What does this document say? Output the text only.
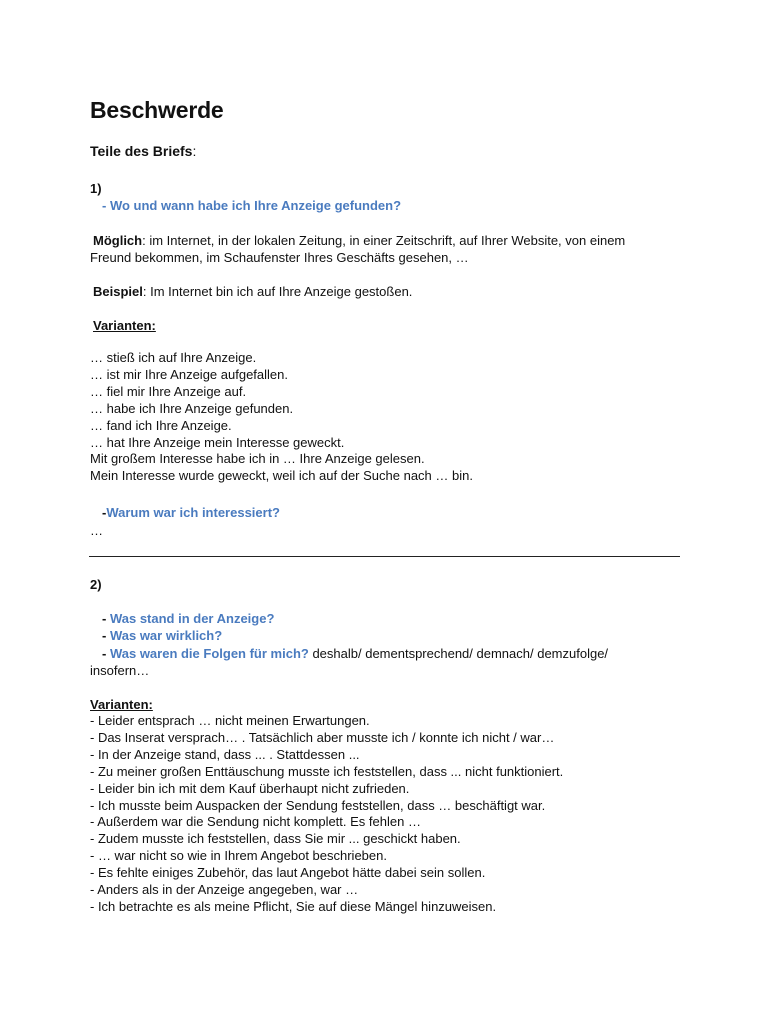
Beschwerde
Teile des Briefs:
1)
- Wo und wann habe ich Ihre Anzeige gefunden?
Möglich: im Internet, in der lokalen Zeitung, in einer Zeitschrift, auf Ihrer Website, von einem
Freund bekommen, im Schaufenster Ihres Geschäfts gesehen, …
Beispiel: Im Internet bin ich auf Ihre Anzeige gestoßen.
Varianten:
… stieß ich auf Ihre Anzeige.
… ist mir Ihre Anzeige aufgefallen.
… fiel mir Ihre Anzeige auf.
… habe ich Ihre Anzeige gefunden.
… fand ich Ihre Anzeige.
… hat Ihre Anzeige mein Interesse geweckt.
Mit großem Interesse habe ich in … Ihre Anzeige gelesen.
Mein Interesse wurde geweckt, weil ich auf der Suche nach … bin.
-Warum war ich interessiert?
…
2)
- Was stand in der Anzeige?
- Was war wirklich?
- Was waren die Folgen für mich? deshalb/ dementsprechend/ demnach/ demzufolge/
insofern…
Varianten:
- Leider entsprach … nicht meinen Erwartungen.
- Das Inserat versprach… . Tatsächlich aber musste ich / konnte ich nicht / war…
- In der Anzeige stand, dass ... . Stattdessen ...
- Zu meiner großen Enttäuschung musste ich feststellen, dass ... nicht funktioniert.
- Leider bin ich mit dem Kauf überhaupt nicht zufrieden.
- Ich musste beim Auspacken der Sendung feststellen, dass … beschäftigt war.
- Außerdem war die Sendung nicht komplett. Es fehlen …
- Zudem musste ich feststellen, dass Sie mir ... geschickt haben.
- … war nicht so wie in Ihrem Angebot beschrieben.
- Es fehlte einiges Zubehör, das laut Angebot hätte dabei sein sollen.
- Anders als in der Anzeige angegeben, war …
- Ich betrachte es als meine Pflicht, Sie auf diese Mängel hinzuweisen.
